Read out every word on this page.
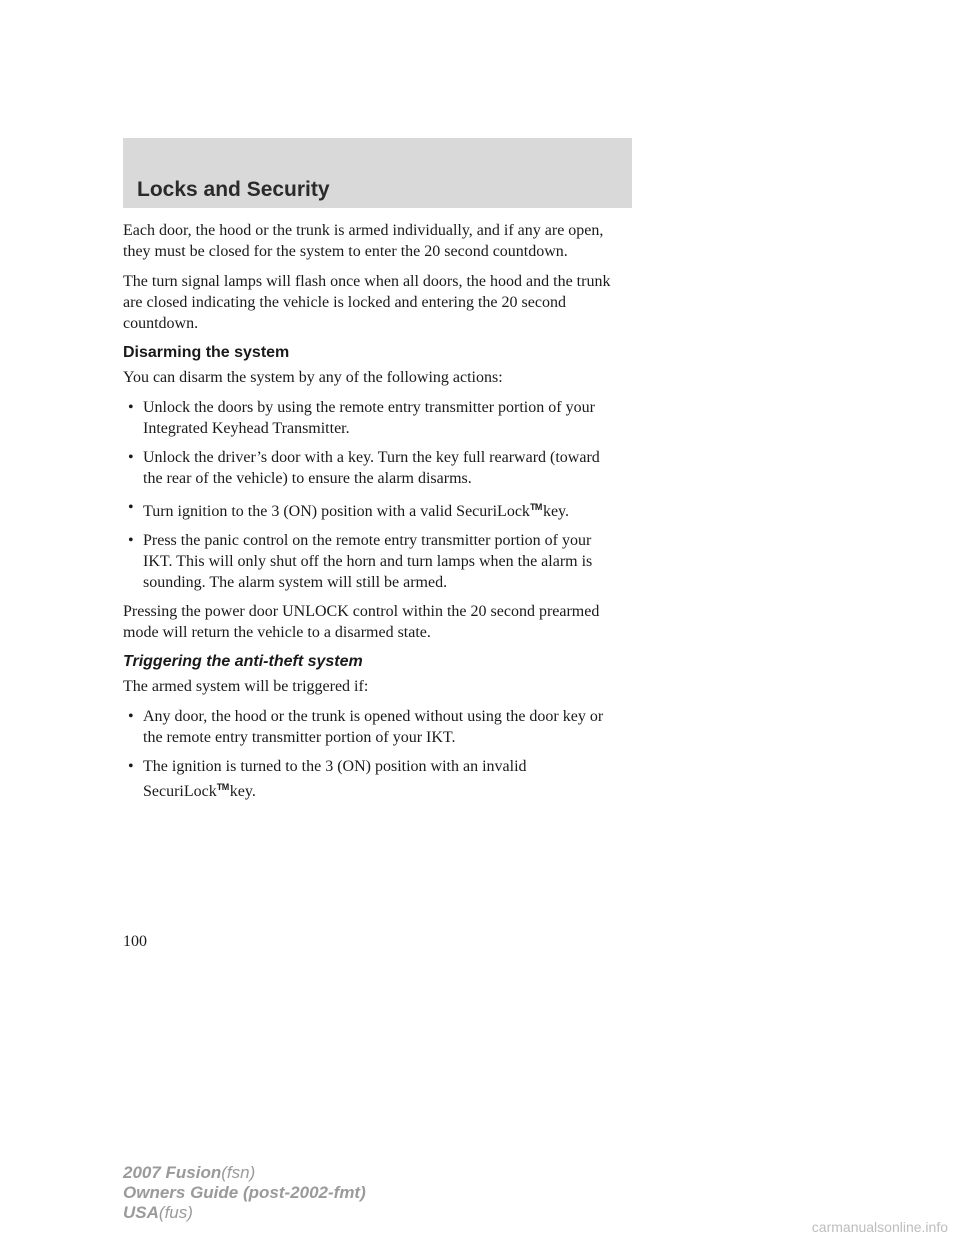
Locks and Security

Each door, the hood or the trunk is armed individually, and if any are open, they must be closed for the system to enter the 20 second countdown.

The turn signal lamps will flash once when all doors, the hood and the trunk are closed indicating the vehicle is locked and entering the 20 second countdown.

Disarming the system

You can disarm the system by any of the following actions:

• Unlock the doors by using the remote entry transmitter portion of your Integrated Keyhead Transmitter.
• Unlock the driver’s door with a key. Turn the key full rearward (toward the rear of the vehicle) to ensure the alarm disarms.
• Turn ignition to the 3 (ON) position with a valid SecuriLock™key.
• Press the panic control on the remote entry transmitter portion of your IKT. This will only shut off the horn and turn lamps when the alarm is sounding. The alarm system will still be armed.

Pressing the power door UNLOCK control within the 20 second prearmed mode will return the vehicle to a disarmed state.

Triggering the anti-theft system

The armed system will be triggered if:

• Any door, the hood or the trunk is opened without using the door key or the remote entry transmitter portion of your IKT.
• The ignition is turned to the 3 (ON) position with an invalid SecuriLock™key.
100
2007 Fusion(fsn)
Owners Guide (post-2002-fmt)
USA(fus)
carmanualsonline.info
